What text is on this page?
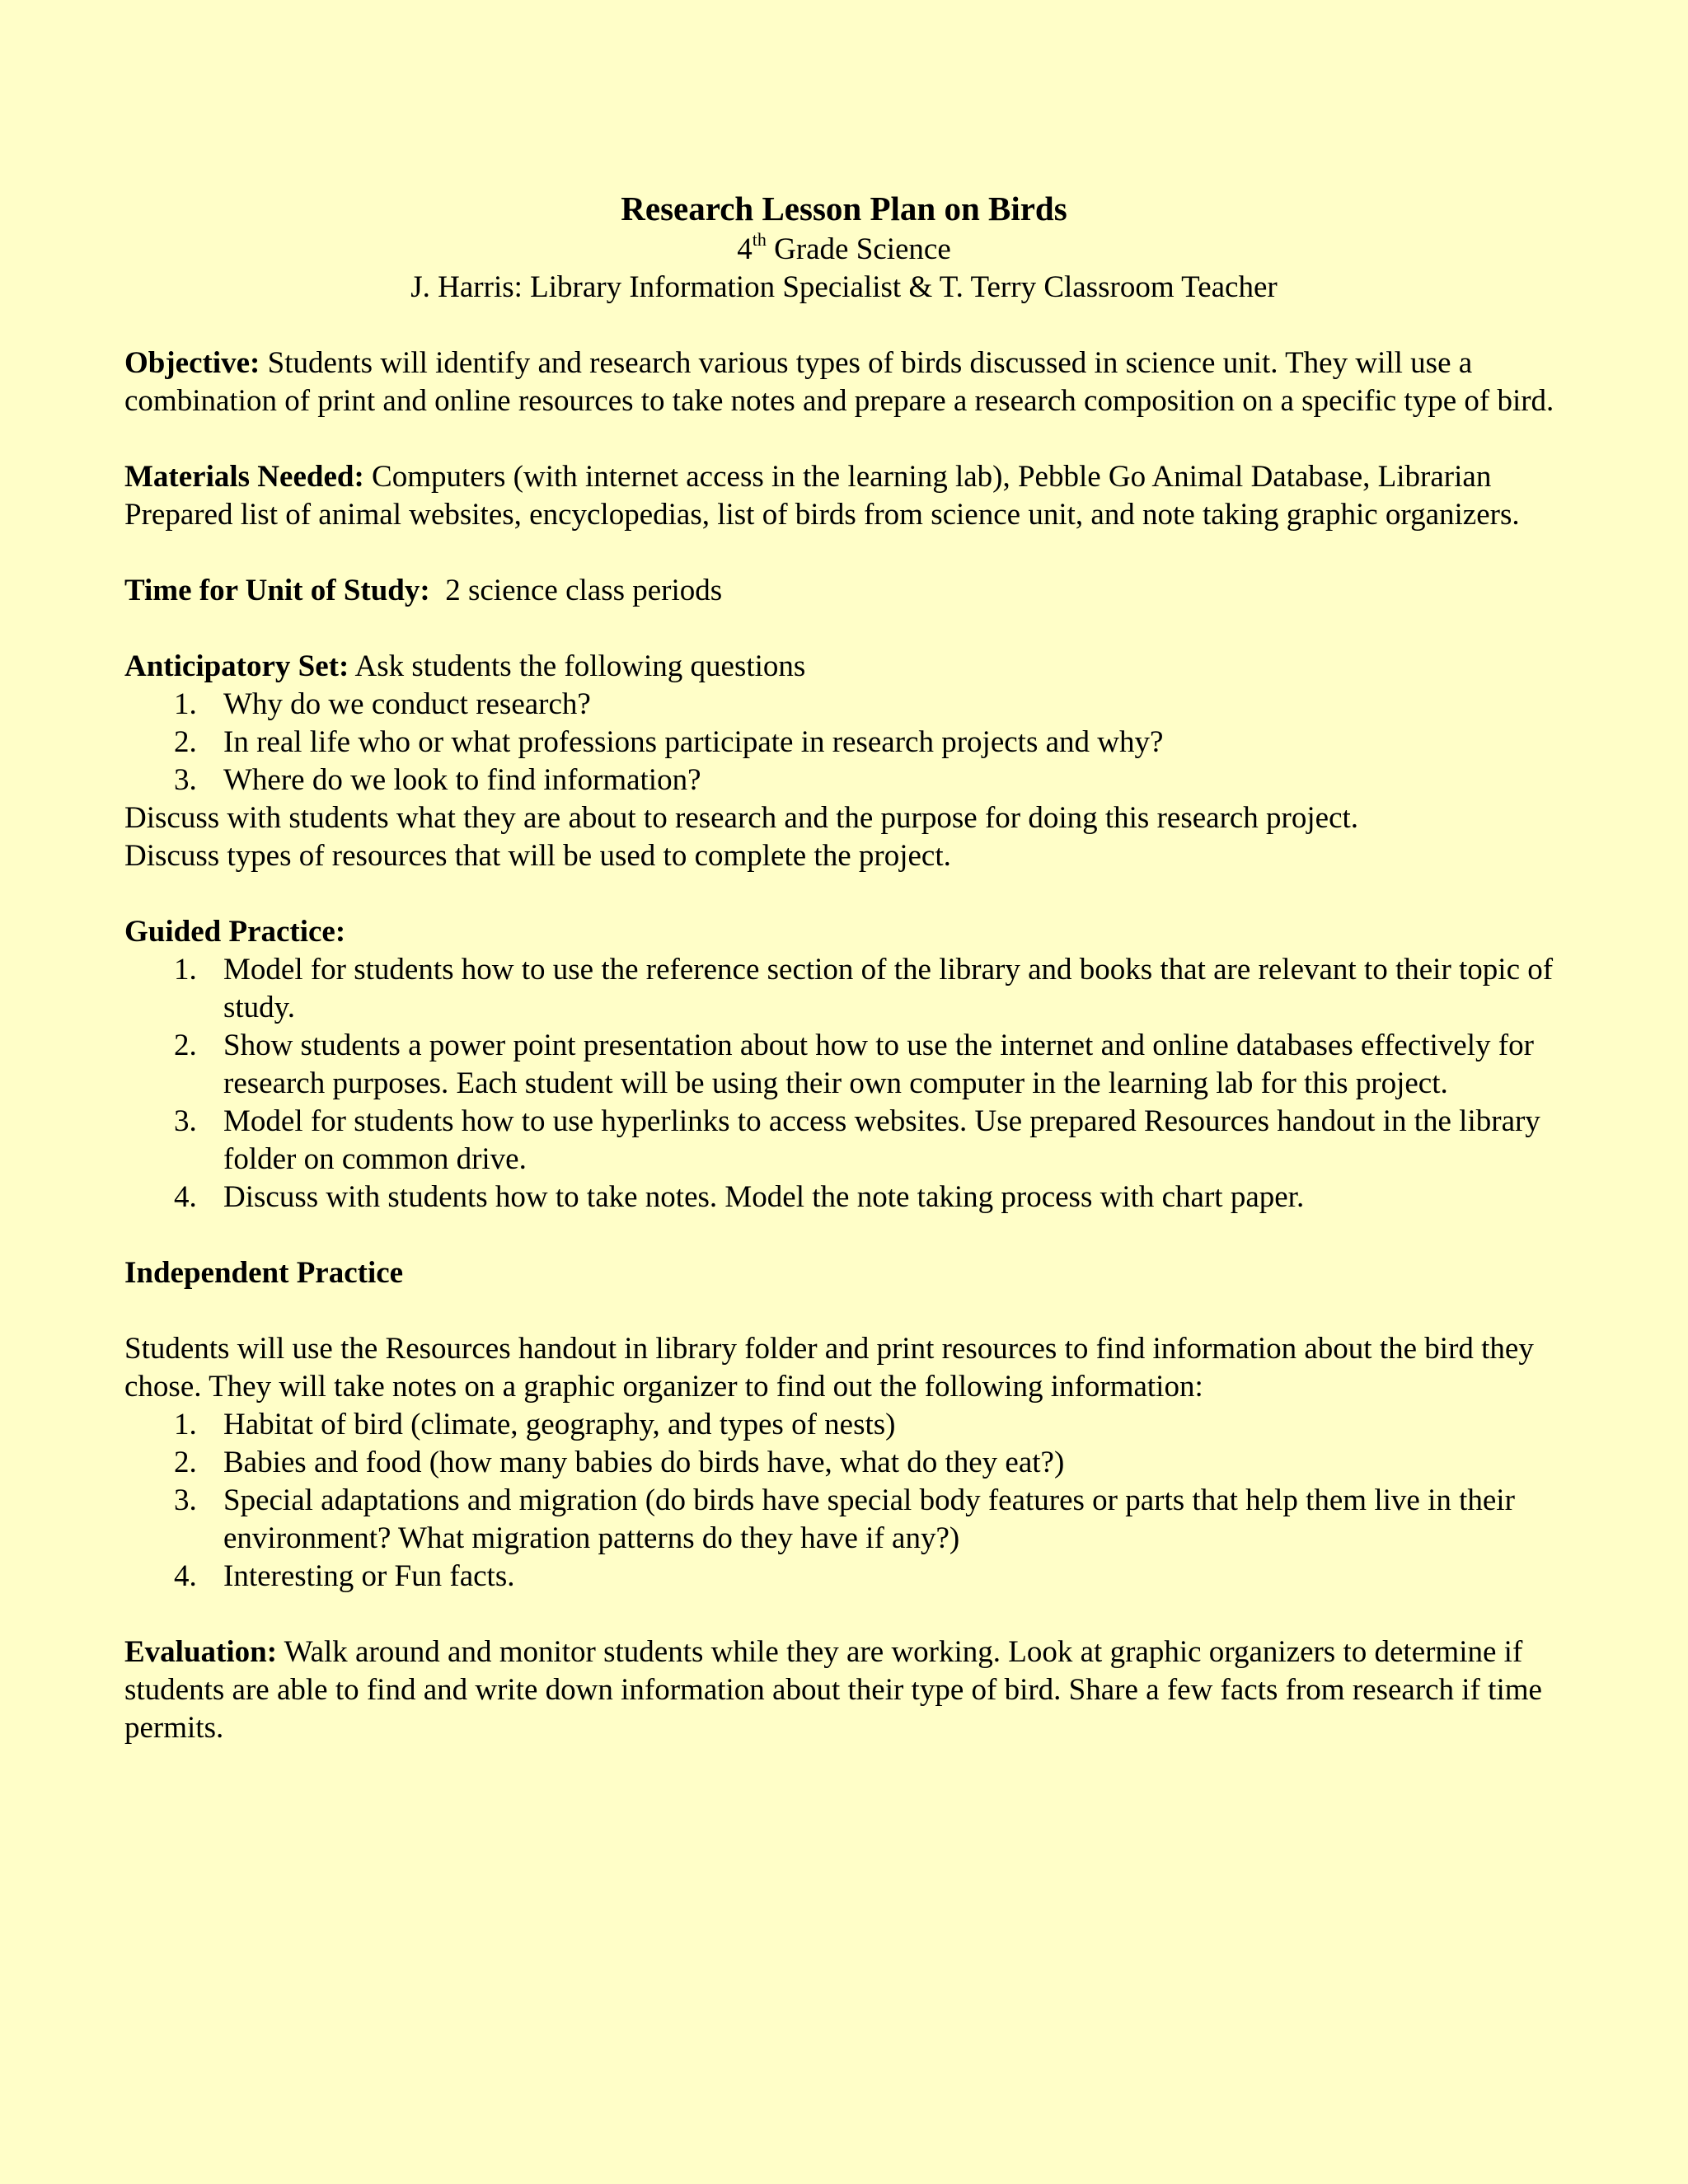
Research Lesson Plan on Birds
4th Grade Science
J. Harris: Library Information Specialist & T. Terry Classroom Teacher
Objective: Students will identify and research various types of birds discussed in science unit. They will use a combination of print and online resources to take notes and prepare a research composition on a specific type of bird.
Materials Needed: Computers (with internet access in the learning lab), Pebble Go Animal Database, Librarian Prepared list of animal websites, encyclopedias, list of birds from science unit, and note taking graphic organizers.
Time for Unit of Study:  2 science class periods
Anticipatory Set: Ask students the following questions
1. Why do we conduct research?
2. In real life who or what professions participate in research projects and why?
3. Where do we look to find information?
Discuss with students what they are about to research and the purpose for doing this research project.
Discuss types of resources that will be used to complete the project.
Guided Practice:
1. Model for students how to use the reference section of the library and books that are relevant to their topic of study.
2. Show students a power point presentation about how to use the internet and online databases effectively for research purposes. Each student will be using their own computer in the learning lab for this project.
3. Model for students how to use hyperlinks to access websites. Use prepared Resources handout in the library folder on common drive.
4. Discuss with students how to take notes. Model the note taking process with chart paper.
Independent Practice
Students will use the Resources handout in library folder and print resources to find information about the bird they chose. They will take notes on a graphic organizer to find out the following information:
1. Habitat of bird (climate, geography, and types of nests)
2. Babies and food (how many babies do birds have, what do they eat?)
3. Special adaptations and migration (do birds have special body features or parts that help them live in their environment? What migration patterns do they have if any?)
4. Interesting or Fun facts.
Evaluation: Walk around and monitor students while they are working. Look at graphic organizers to determine if students are able to find and write down information about their type of bird. Share a few facts from research if time permits.
